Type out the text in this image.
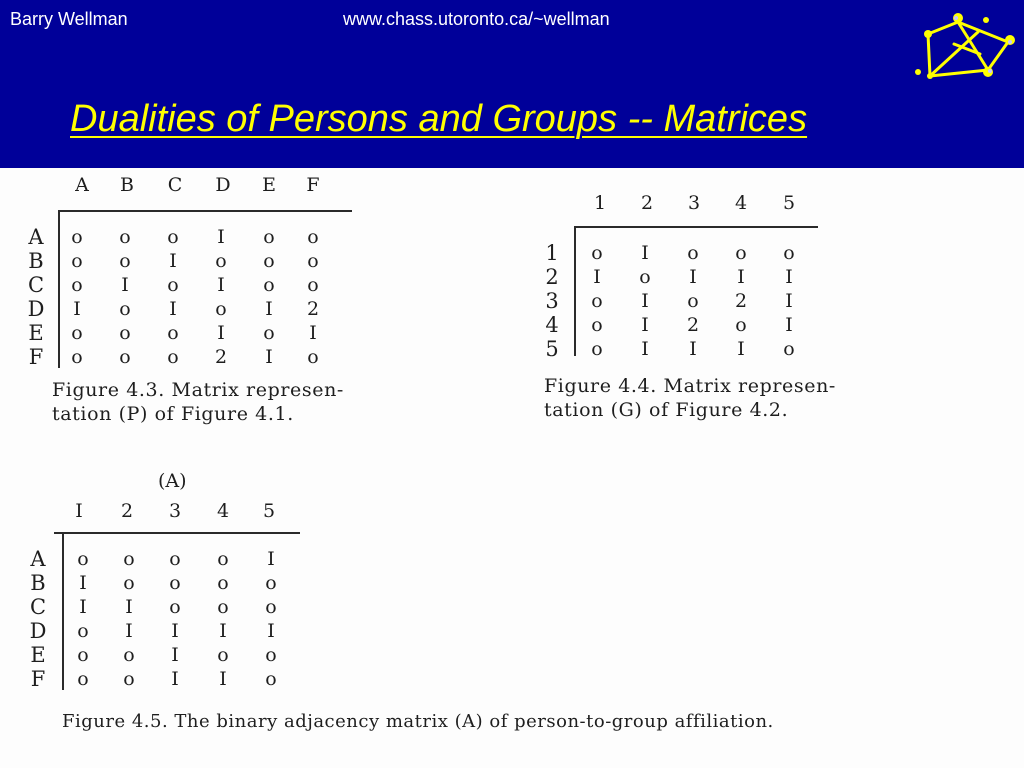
Barry Wellman	www.chass.utoronto.ca/~wellman
Dualities of Persons and Groups -- Matrices
A	B	C	D	E	F
A	o	o	o	I	o	o
B	o	o	I	o	o	o
C	o	I	o	I	o	o
D	I	o	I	o	I	2
E	o	o	o	I	o	I
F	o	o	o	2	I	o
Figure 4.3. Matrix represen-
tation (P) of Figure 4.1.
1	2	3	4	5
1	o	I	o	o	o
2	I	o	I	I	I
3	o	I	o	2	I
4	o	I	2	o	I
5	o	I	I	I	o
Figure 4.4. Matrix represen-
tation (G) of Figure 4.2.
(A)
I	2	3	4	5
A	o	o	o	o	I
B	I	o	o	o	o
C	I	I	o	o	o
D	o	I	I	I	I
E	o	o	I	o	o
F	o	o	I	I	o
Figure 4.5. The binary adjacency matrix (A) of person-to-group affiliation.
